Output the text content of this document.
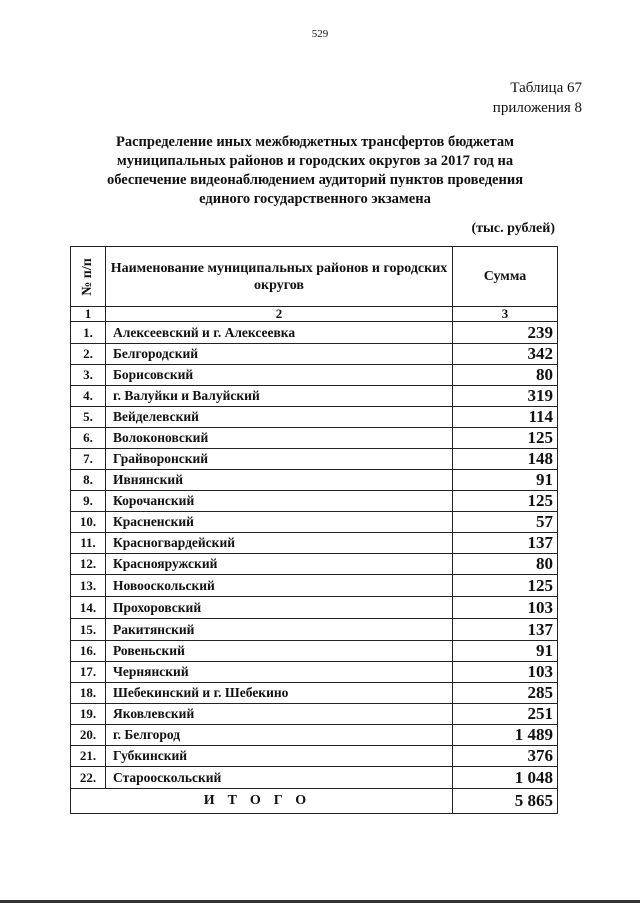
529
Таблица 67
приложения 8
Распределение иных межбюджетных трансфертов бюджетам
муниципальных районов и городских округов за 2017 год на
обеспечение видеонаблюдением аудиторий пунктов проведения
единого государственного экзамена
(тыс. рублей)
№ п/п	Наименование муниципальных районов и городских округов	Сумма
1	2	3
1.	Алексеевский и г. Алексеевка	239
2.	Белгородский	342
3.	Борисовский	80
4.	г. Валуйки и Валуйский	319
5.	Вейделевский	114
6.	Волоконовский	125
7.	Грайворонский	148
8.	Ивнянский	91
9.	Корочанский	125
10.	Красненский	57
11.	Красногвардейский	137
12.	Краснояружский	80
13.	Новооскольский	125
14.	Прохоровский	103
15.	Ракитянский	137
16.	Ровеньский	91
17.	Чернянский	103
18.	Шебекинский и г. Шебекино	285
19.	Яковлевский	251
20.	г. Белгород	1 489
21.	Губкинский	376
22.	Старооскольский	1 048
ИТОГО		5 865
